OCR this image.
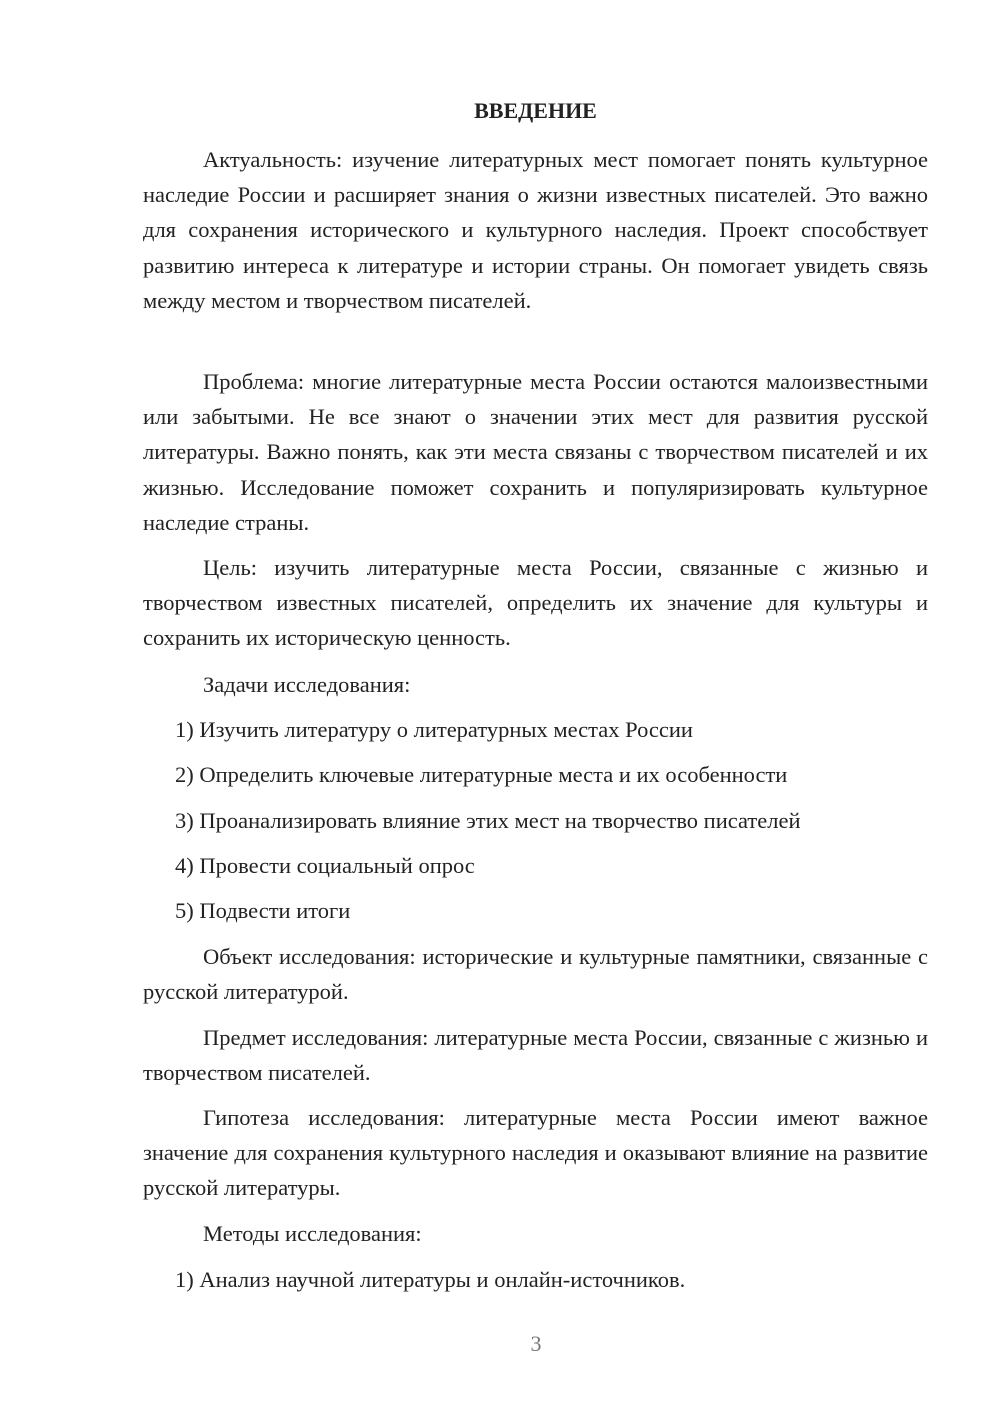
ВВЕДЕНИЕ

Актуальность: изучение литературных мест помогает понять культурное наследие России и расширяет знания о жизни известных писателей. Это важно для сохранения исторического и культурного наследия. Проект способствует развитию интереса к литературе и истории страны. Он помогает увидеть связь между местом и творчеством писателей.

Проблема: многие литературные места России остаются малоизвестными или забытыми. Не все знают о значении этих мест для развития русской литературы. Важно понять, как эти места связаны с творчеством писателей и их жизнью. Исследование поможет сохранить и популяризировать культурное наследие страны.

Цель: изучить литературные места России, связанные с жизнью и творчеством известных писателей, определить их значение для культуры и сохранить их историческую ценность.

Задачи исследования:

1) Изучить литературу о литературных местах России

2) Определить ключевые литературные места и их особенности

3) Проанализировать влияние этих мест на творчество писателей

4) Провести социальный опрос

5) Подвести итоги

Объект исследования: исторические и культурные памятники, связанные с русской литературой.

Предмет исследования: литературные места России, связанные с жизнью и творчеством писателей.

Гипотеза исследования: литературные места России имеют важное значение для сохранения культурного наследия и оказывают влияние на развитие русской литературы.

Методы исследования:

1) Анализ научной литературы и онлайн-источников.

3
